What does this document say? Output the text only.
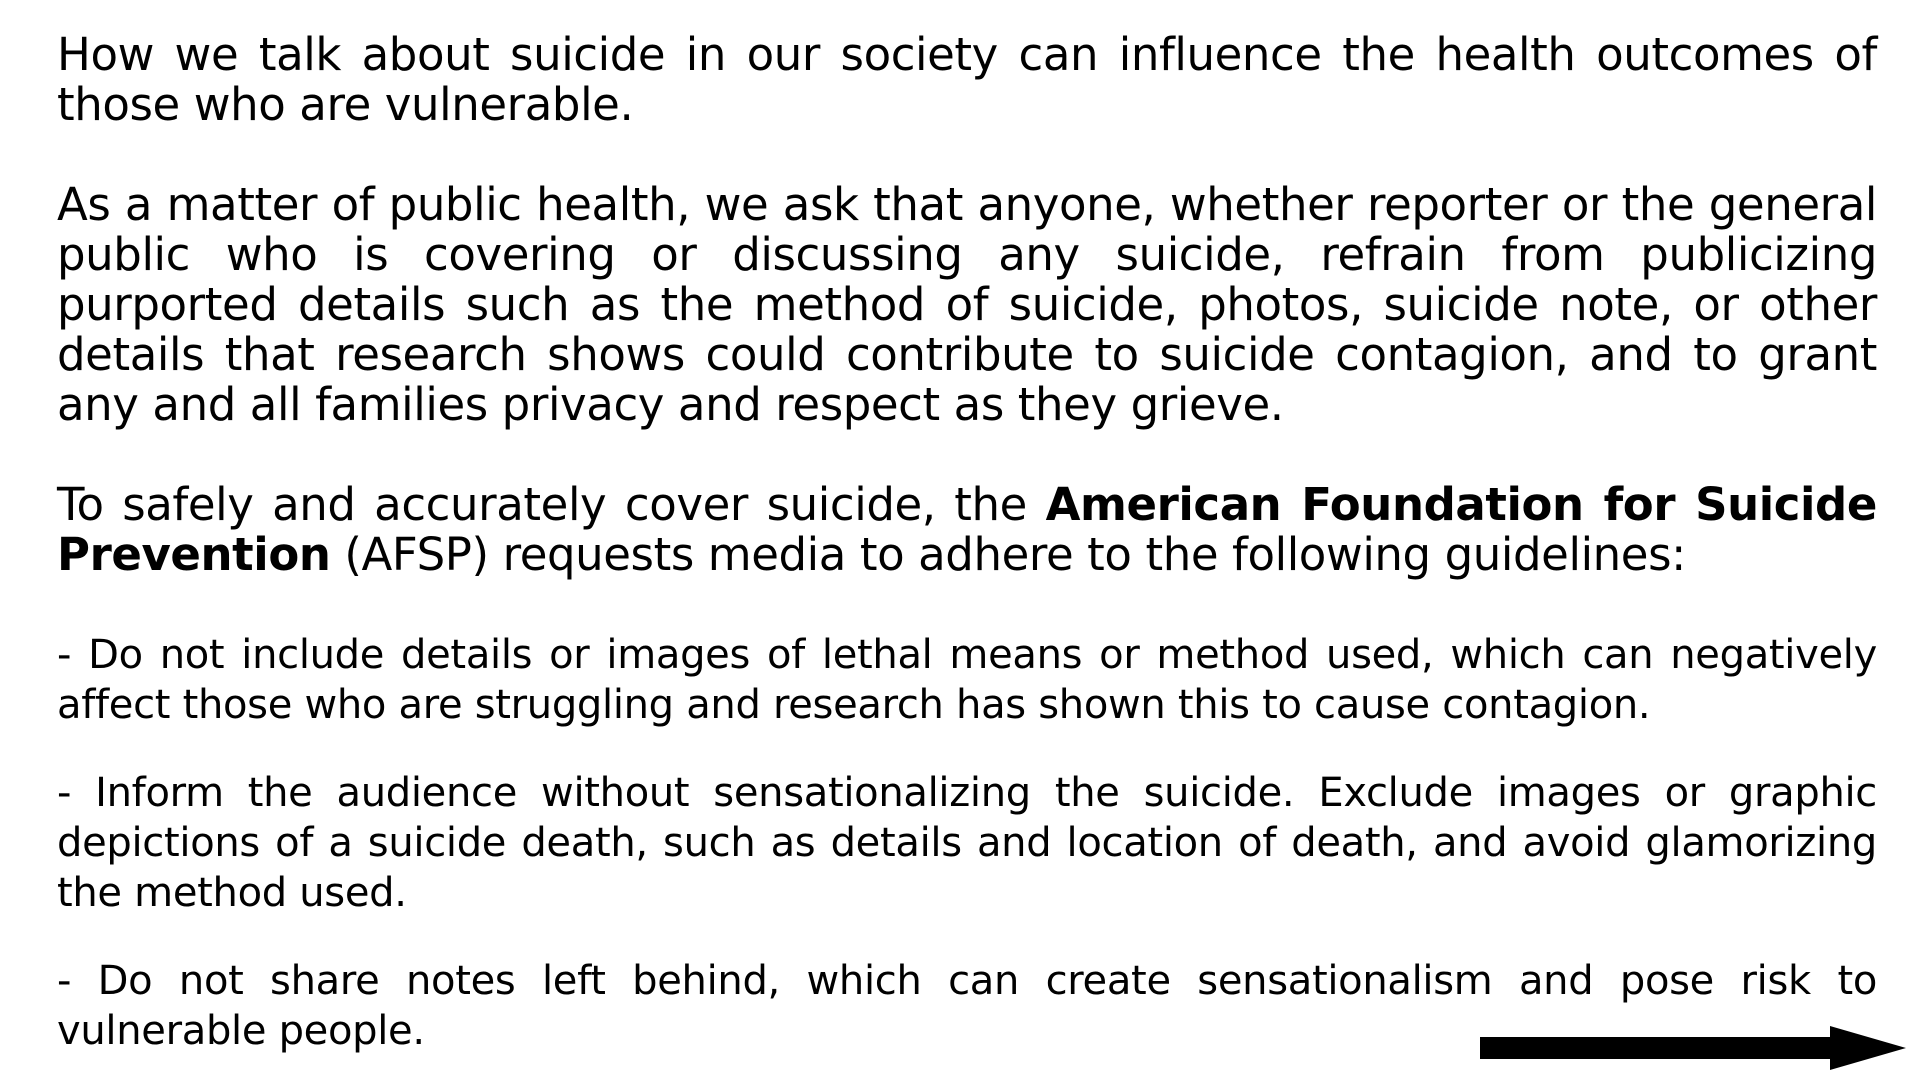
How we talk about suicide in our society can influence the health outcomes of those who are vulnerable.

As a matter of public health, we ask that anyone, whether reporter or the general public who is covering or discussing any suicide, refrain from publicizing purported details such as the method of suicide, photos, suicide note, or other details that research shows could contribute to suicide contagion, and to grant any and all families privacy and respect as they grieve.

To safely and accurately cover suicide, the American Foundation for Suicide Prevention (AFSP) requests media to adhere to the following guidelines:

- Do not include details or images of lethal means or method used, which can negatively affect those who are struggling and research has shown this to cause contagion.

- Inform the audience without sensationalizing the suicide. Exclude images or graphic depictions of a suicide death, such as details and location of death, and avoid glamorizing the method used.

- Do not share notes left behind, which can create sensationalism and pose risk to vulnerable people.
